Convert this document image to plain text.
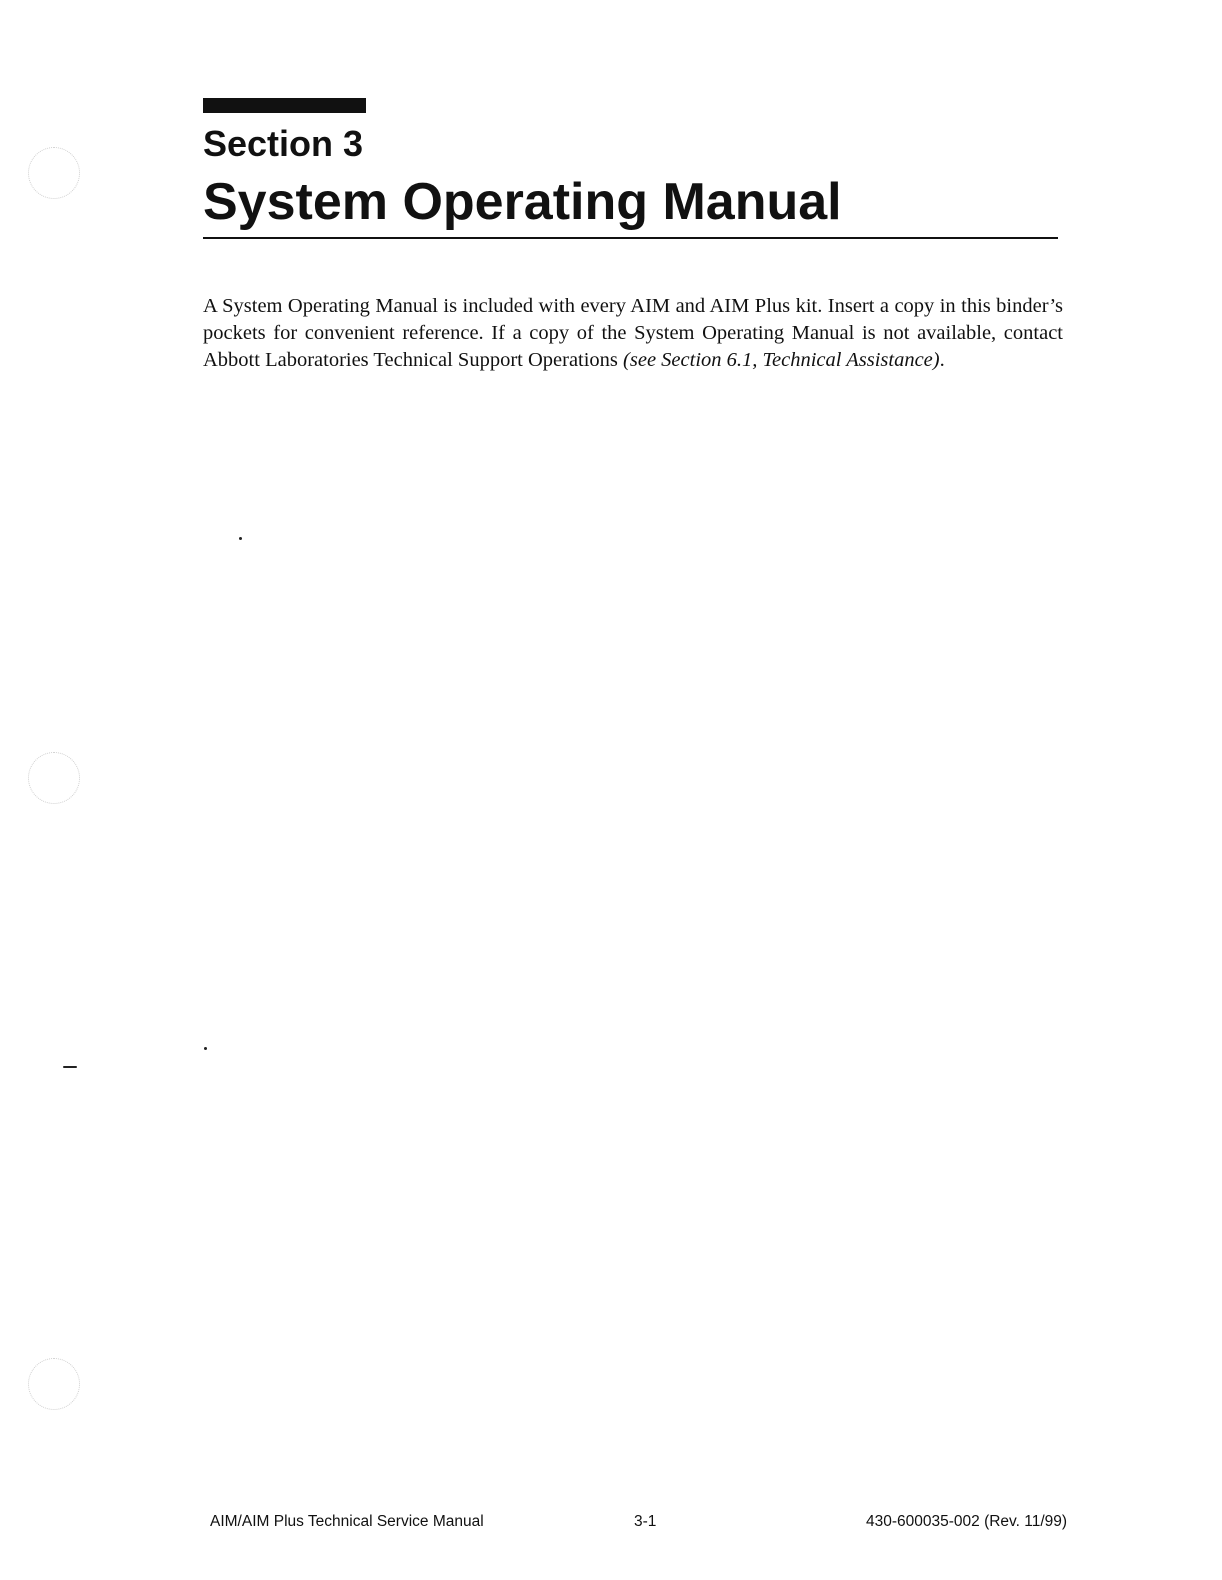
Section 3
System Operating Manual

A System Operating Manual is included with every AIM and AIM Plus kit. Insert a copy in this binder’s pockets for convenient reference. If a copy of the System Operating Manual is not available, contact Abbott Laboratories Technical Support Operations (see Section 6.1, Technical Assistance).

AIM/AIM Plus Technical Service Manual	3-1	430-600035-002 (Rev. 11/99)
